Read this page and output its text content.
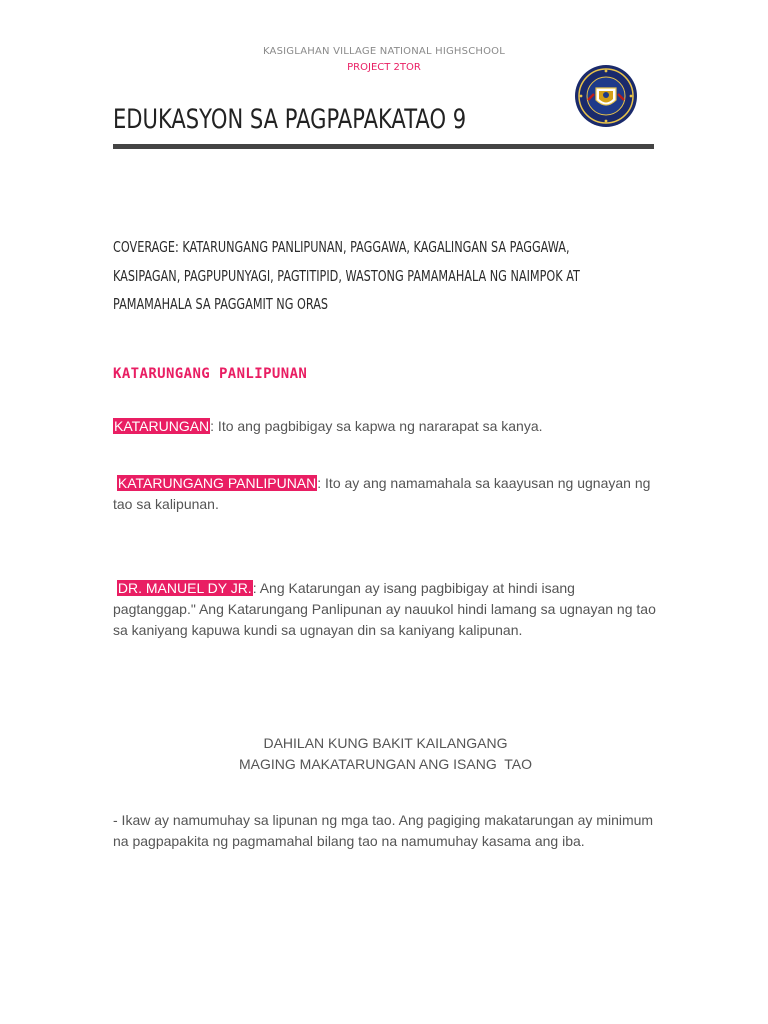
KASIGLAHAN VILLAGE NATIONAL HIGHSCHOOL
PROJECT 2TOR
EDUKASYON SA PAGPAPAKATAO 9
COVERAGE: KATARUNGANG PANLIPUNAN, PAGGAWA, KAGALINGAN SA PAGGAWA, KASIPAGAN, PAGPUPUNYAGI, PAGTITIPID, WASTONG PAMAMAHALA NG NAIMPOK AT PAMAMAHALA SA PAGGAMIT NG ORAS
KATARUNGANG PANLIPUNAN
KATARUNGAN: Ito ang pagbibigay sa kapwa ng nararapat sa kanya.
KATARUNGANG PANLIPUNAN: Ito ay ang namamahala sa kaayusan ng ugnayan ng tao sa kalipunan.
DR. MANUEL DY JR.: Ang Katarungan ay isang pagbibigay at hindi isang pagtanggap." Ang Katarungang Panlipunan ay nauukol hindi lamang sa ugnayan ng tao sa kaniyang kapuwa kundi sa ugnayan din sa kaniyang kalipunan.
DAHILAN KUNG BAKIT KAILANGANG
MAGING MAKATARUNGAN ANG ISANG  TAO
- Ikaw ay namumuhay sa lipunan ng mga tao. Ang pagiging makatarungan ay minimum na pagpapakita ng pagmamahal bilang tao na namumuhay kasama ang iba.
